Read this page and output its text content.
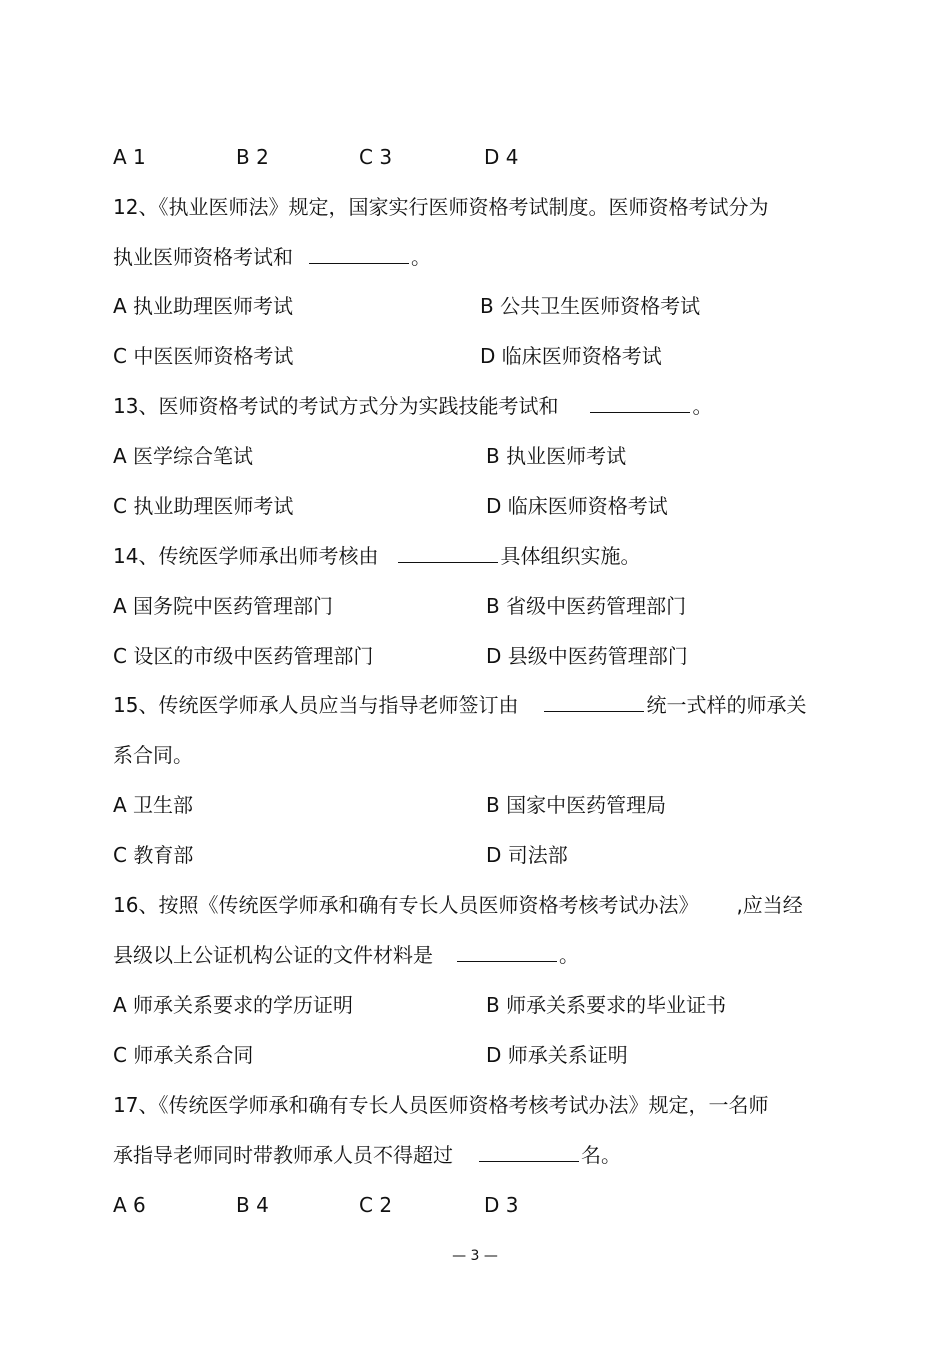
A 1	B 2	C 3	D 4
12、《执业医师法》规定，国家实行医师资格考试制度。医师资格考试分为
执业医师资格考试和	。
A 执业助理医师考试	B 公共卫生医师资格考试
C 中医医师资格考试	D 临床医师资格考试
13、医师资格考试的考试方式分为实践技能考试和	。
A 医学综合笔试	B 执业医师考试
C 执业助理医师考试	D 临床医师资格考试
14、传统医学师承出师考核由	具体组织实施。
A 国务院中医药管理部门	B 省级中医药管理部门
C 设区的市级中医药管理部门	D 县级中医药管理部门
15、传统医学师承人员应当与指导老师签订由	统一式样的师承关
系合同。
A 卫生部	B 国家中医药管理局
C 教育部	D 司法部
16、按照《传统医学师承和确有专长人员医师资格考核考试办法》 ,应当经
县级以上公证机构公证的文件材料是	。
A 师承关系要求的学历证明	B 师承关系要求的毕业证书
C 师承关系合同	D 师承关系证明
17、《传统医学师承和确有专长人员医师资格考核考试办法》规定，一名师
承指导老师同时带教师承人员不得超过	名。
A 6	B 4	C 2	D 3
— 3 —
